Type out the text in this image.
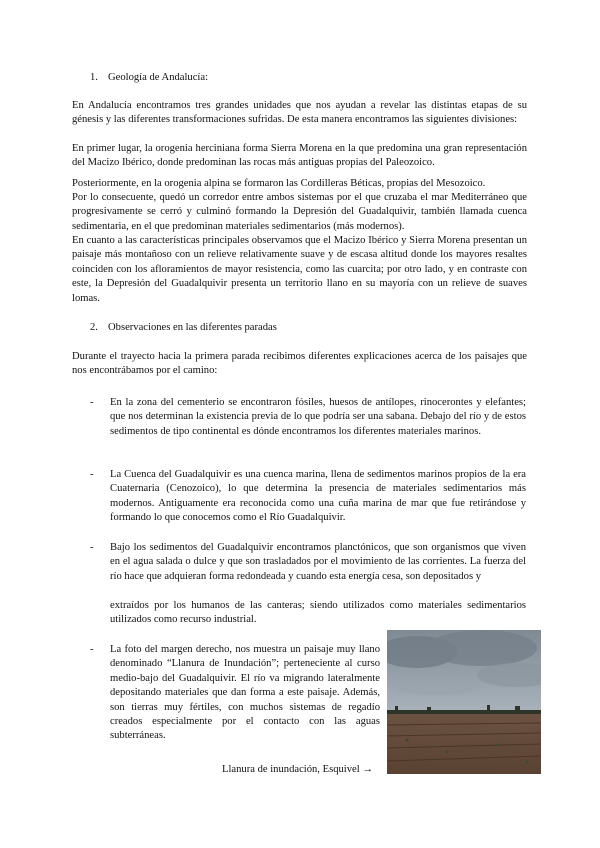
1. Geología de Andalucía:
En Andalucía encontramos tres grandes unidades que nos ayudan a revelar las distintas etapas de su génesis y las diferentes transformaciones sufridas. De esta manera encontramos las siguientes divisiones:
En primer lugar, la orogenia herciniana forma Sierra Morena en la que predomina una gran representación del Macizo Ibérico, donde predominan las rocas más antiguas propias del Paleozoico.
Posteriormente, en la orogenia alpina se formaron las Cordilleras Béticas, propias del Mesozoico.
Por lo consecuente, quedó un corredor entre ambos sistemas por el que cruzaba el mar Mediterráneo que progresivamente se cerró y culminó formando la Depresión del Guadalquivir, también llamada cuenca sedimentaria, en el que predominan materiales sedimentarios (más modernos).
En cuanto a las características principales observamos que el Macizo Ibérico y Sierra Morena presentan un paisaje más montañoso con un relieve relativamente suave y de escasa altitud donde los mayores resaltes coinciden con los afloramientos de mayor resistencia, como las cuarcita; por otro lado, y en contraste con este, la Depresión del Guadalquivir presenta un territorio llano en su mayoría con un relieve de suaves lomas.
2. Observaciones en las diferentes paradas
Durante el trayecto hacia la primera parada recibimos diferentes explicaciones acerca de los paisajes que nos encontrábamos por el camino:
- En la zona del cementerio se encontraron fósiles, huesos de antílopes, rinocerontes y elefantes; que nos determinan la existencia previa de lo que podría ser una sabana. Debajo del río y de estos sedimentos de tipo continental es dónde encontramos los diferentes materiales marinos.
- La Cuenca del Guadalquivir es una cuenca marina, llena de sedimentos marinos propios de la era Cuaternaria (Cenozoico), lo que determina la presencia de materiales sedimentarios más modernos. Antiguamente era reconocida como una cuña marina de mar que fue retirándose y formando lo que conocemos como el Río Guadalquivir.
- Bajo los sedimentos del Guadalquivir encontramos planctónicos, que son organismos que viven en el agua salada o dulce y que son trasladados por el movimiento de las corrientes. La fuerza del río hace que adquieran forma redondeada y cuando esta energía cesa, son depositados y
extraídos por los humanos de las canteras; siendo utilizados como materiales sedimentarios utilizados como recurso industrial.
- La foto del margen derecho, nos muestra un paisaje muy llano denominado “Llanura de Inundación”; perteneciente al curso medio-bajo del Guadalquivir. El río va migrando lateralmente depositando materiales que dan forma a este paisaje. Además, son tierras muy fértiles, con muchos sistemas de regadío creados especialmente por el contacto con las aguas subterráneas.
Llanura de inundación, Esquivel →
